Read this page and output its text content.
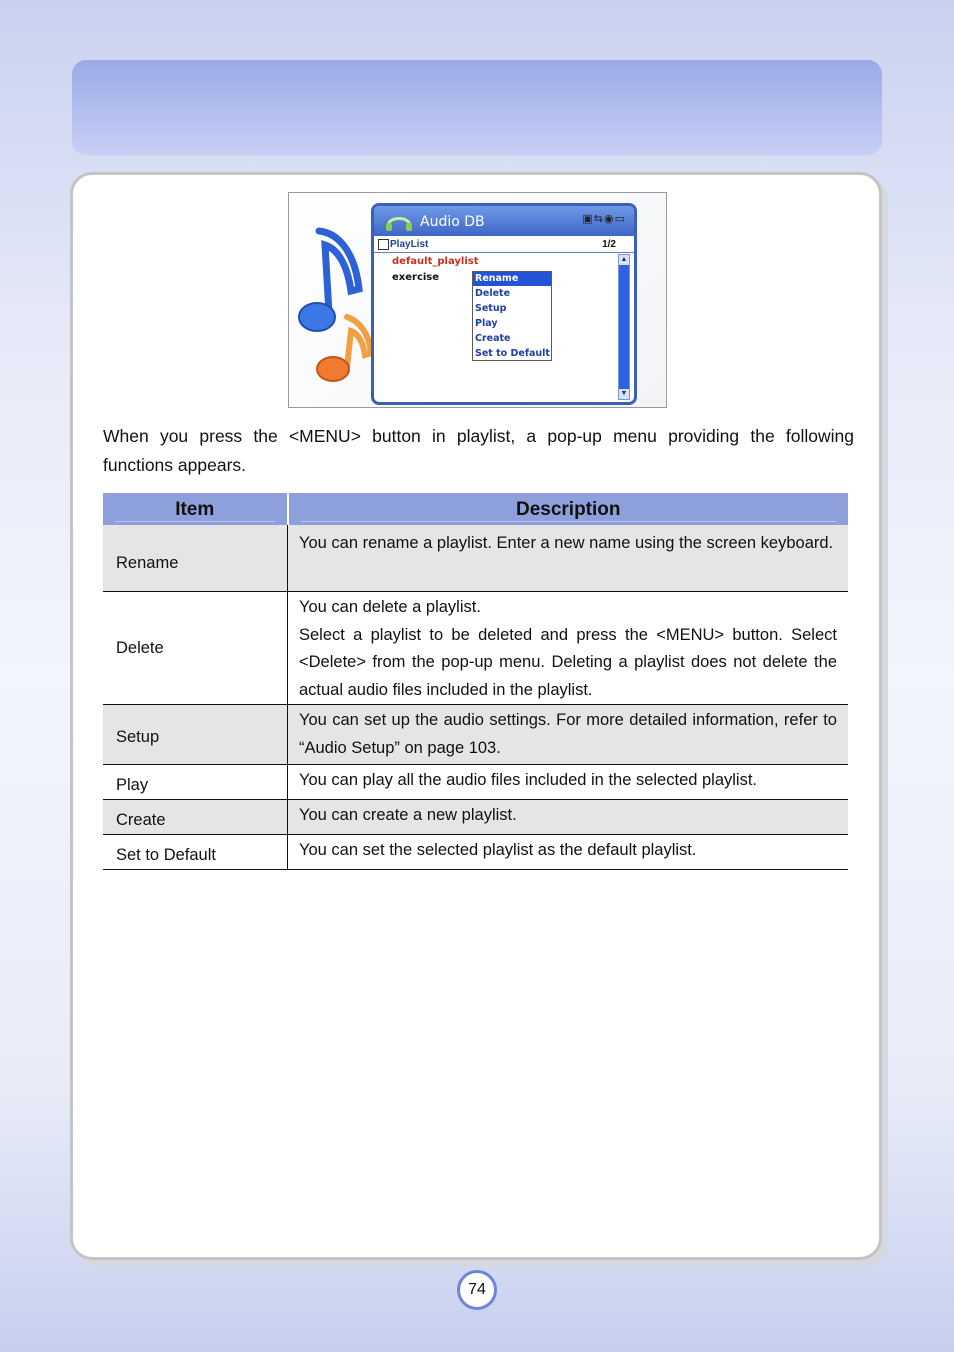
Audio DB	▣⇆◉▭
PlayList	1/2
default_playlist
exercise
▲
▼
Rename
Delete
Setup
Play
Create
Set to Default
When you press the <MENU> button in playlist, a pop-up menu providing the following
functions appears.
Item	Description

Rename	You can rename a playlist. Enter a new name using the screen keyboard.
Delete	You can delete a playlist.
Select a playlist to be deleted and press the <MENU> button. Select <Delete> from the pop-up menu. Deleting a playlist does not delete the actual audio files included in the playlist.

Setup	You can set up the audio settings. For more detailed information, refer to “Audio Setup” on page 103.
Play	You can play all the audio files included in the selected playlist.
Create	You can create a new playlist.
Set to Default	You can set the selected playlist as the default playlist.
74
